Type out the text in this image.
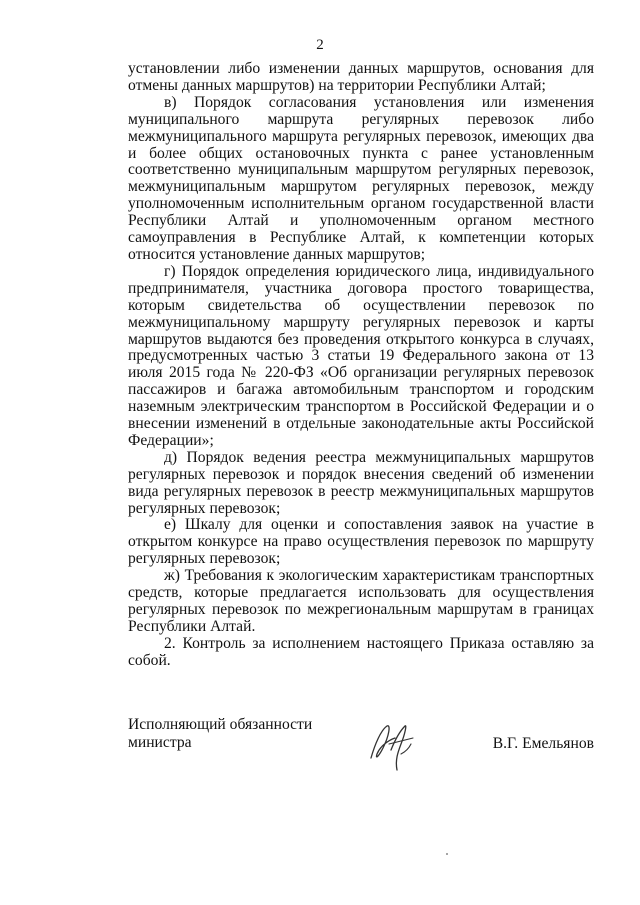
2

установлении либо изменении данных маршрутов, основания для отмены данных маршрутов) на территории Республики Алтай;

в) Порядок согласования установления или изменения муниципального маршрута регулярных перевозок либо межмуниципального маршрута регулярных перевозок, имеющих два и более общих остановочных пункта с ранее установленным соответственно муниципальным маршрутом регулярных перевозок, межмуниципальным маршрутом регулярных перевозок, между уполномоченным исполнительным органом государственной власти Республики Алтай и уполномоченным органом местного самоуправления в Республике Алтай, к компетенции которых относится установление данных маршрутов;

г) Порядок определения юридического лица, индивидуального предпринимателя, участника договора простого товарищества, которым свидетельства об осуществлении перевозок по межмуниципальному маршруту регулярных перевозок и карты маршрутов выдаются без проведения открытого конкурса в случаях, предусмотренных частью 3 статьи 19 Федерального закона от 13 июля 2015 года № 220-ФЗ «Об организации регулярных перевозок пассажиров и багажа автомобильным транспортом и городским наземным электрическим транспортом в Российской Федерации и о внесении изменений в отдельные законодательные акты Российской Федерации»;

д) Порядок ведения реестра межмуниципальных маршрутов регулярных перевозок и порядок внесения сведений об изменении вида регулярных перевозок в реестр межмуниципальных маршрутов регулярных перевозок;

е) Шкалу для оценки и сопоставления заявок на участие в открытом конкурсе на право осуществления перевозок по маршруту регулярных перевозок;

ж) Требования к экологическим характеристикам транспортных средств, которые предлагается использовать для осуществления регулярных перевозок по межрегиональным маршрутам в границах Республики Алтай.

2. Контроль за исполнением настоящего Приказа оставляю за собой.

Исполняющий обязанности
министра	В.Г. Емельянов
